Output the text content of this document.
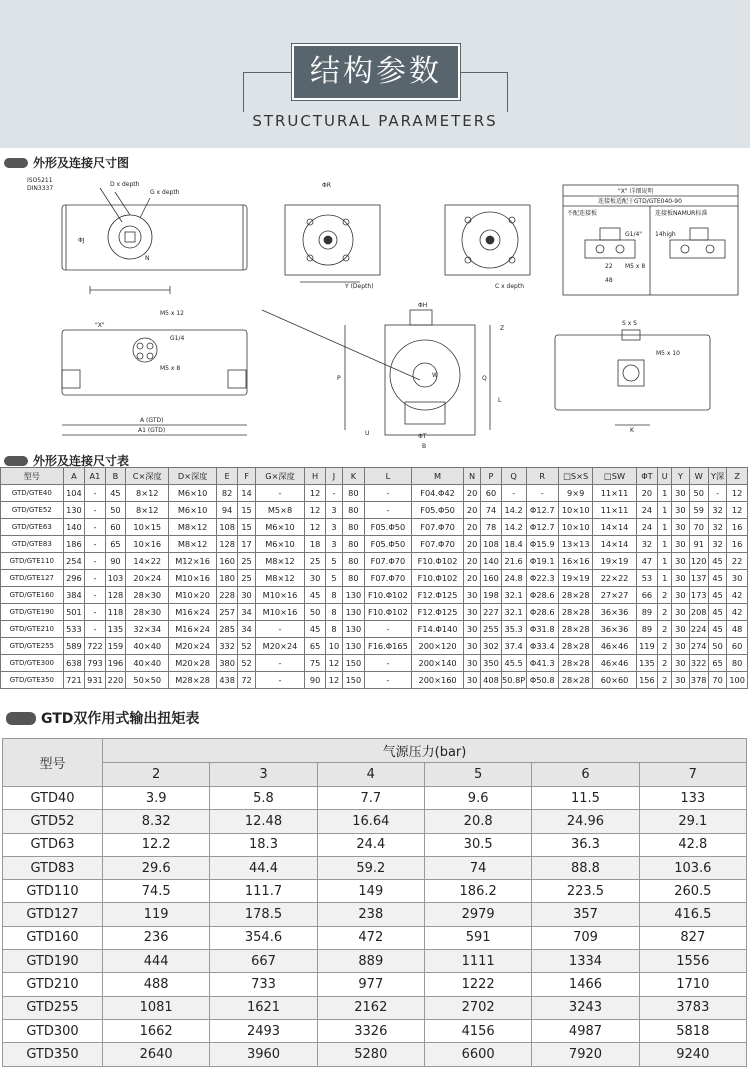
结构参数
STRUCTURAL PARAMETERS
外形及连接尺寸图
ISO5211
DIN3337
D x depth
G x depth
ΦR
Y (Depth)	C x depth
ΦH
M5 x 12
G1/4
M5 x 8
"X"
A (GTD)
A1 (GTD)
S x S
M5 x 10
K
W
Z
P
U
B
Q
ΦT
L
N
ΦJ
"X" 详细说明
连接板适配于GTD/GTE040-90
不配连接板	连接板NAMUR标准
G1/4" 14high
M5 x 8
22
48
外形及连接尺寸表
型号	A	A1	B	C×深度	D×深度	E	F	G×深度	H	J	K	L	M	N	P	Q	R	□S×S	□SW	ΦT	U	Y	W	Y深	Z
GTD/GTE40	104	-	45	8×12	M6×10	82	14	-	12	-	80	-	F04.Φ42	20	60	-	-	9×9	11×11	20	1	30	50	-	12
GTD/GTE52	130	-	50	8×12	M6×10	94	15	M5×8	12	3	80	-	F05.Φ50	20	74	14.2	Φ12.7	10×10	11×11	24	1	30	59	32	12
GTD/GTE63	140	-	60	10×15	M8×12	108	15	M6×10	12	3	80	F05.Φ50	F07.Φ70	20	78	14.2	Φ12.7	10×10	14×14	24	1	30	70	32	16
GTD/GTE83	186	-	65	10×16	M8×12	128	17	M6×10	18	3	80	F05.Φ50	F07.Φ70	20	108	18.4	Φ15.9	13×13	14×14	32	1	30	91	32	16
GTD/GTE110	254	-	90	14×22	M12×16	160	25	M8×12	25	5	80	F07.Φ70	F10.Φ102	20	140	21.6	Φ19.1	16×16	19×19	47	1	30	120	45	22
GTD/GTE127	296	-	103	20×24	M10×16	180	25	M8×12	30	5	80	F07.Φ70	F10.Φ102	20	160	24.8	Φ22.3	19×19	22×22	53	1	30	137	45	30
GTD/GTE160	384	-	128	28×30	M10×20	228	30	M10×16	45	8	130	F10.Φ102	F12.Φ125	30	198	32.1	Φ28.6	28×28	27×27	66	2	30	173	45	42
GTD/GTE190	501	-	118	28×30	M16×24	257	34	M10×16	50	8	130	F10.Φ102	F12.Φ125	30	227	32.1	Φ28.6	28×28	36×36	89	2	30	208	45	42
GTD/GTE210	533	-	135	32×34	M16×24	285	34	-	45	8	130	-	F14.Φ140	30	255	35.3	Φ31.8	28×28	36×36	89	2	30	224	45	48
GTD/GTE255	589	722	159	40×40	M20×24	332	52	M20×24	65	10	130	F16.Φ165	200×120	30	302	37.4	Φ33.4	28×28	46×46	119	2	30	274	50	60
GTD/GTE300	638	793	196	40×40	M20×28	380	52	-	75	12	150	-	200×140	30	350	45.5	Φ41.3	28×28	46×46	135	2	30	322	65	80
GTD/GTE350	721	931	220	50×50	M28×28	438	72	-	90	12	150	-	200×160	30	408	50.8P	Φ50.8	28×28	60×60	156	2	30	378	70	100
GTD双作用式输出扭矩表
型号	气源压力(bar)					
	2	3	4	5	6	7
GTD40	3.9	5.8	7.7	9.6	11.5	133
GTD52	8.32	12.48	16.64	20.8	24.96	29.1
GTD63	12.2	18.3	24.4	30.5	36.3	42.8
GTD83	29.6	44.4	59.2	74	88.8	103.6
GTD110	74.5	111.7	149	186.2	223.5	260.5
GTD127	119	178.5	238	2979	357	416.5
GTD160	236	354.6	472	591	709	827
GTD190	444	667	889	1111	1334	1556
GTD210	488	733	977	1222	1466	1710
GTD255	1081	1621	2162	2702	3243	3783
GTD300	1662	2493	3326	4156	4987	5818
GTD350	2640	3960	5280	6600	7920	9240
